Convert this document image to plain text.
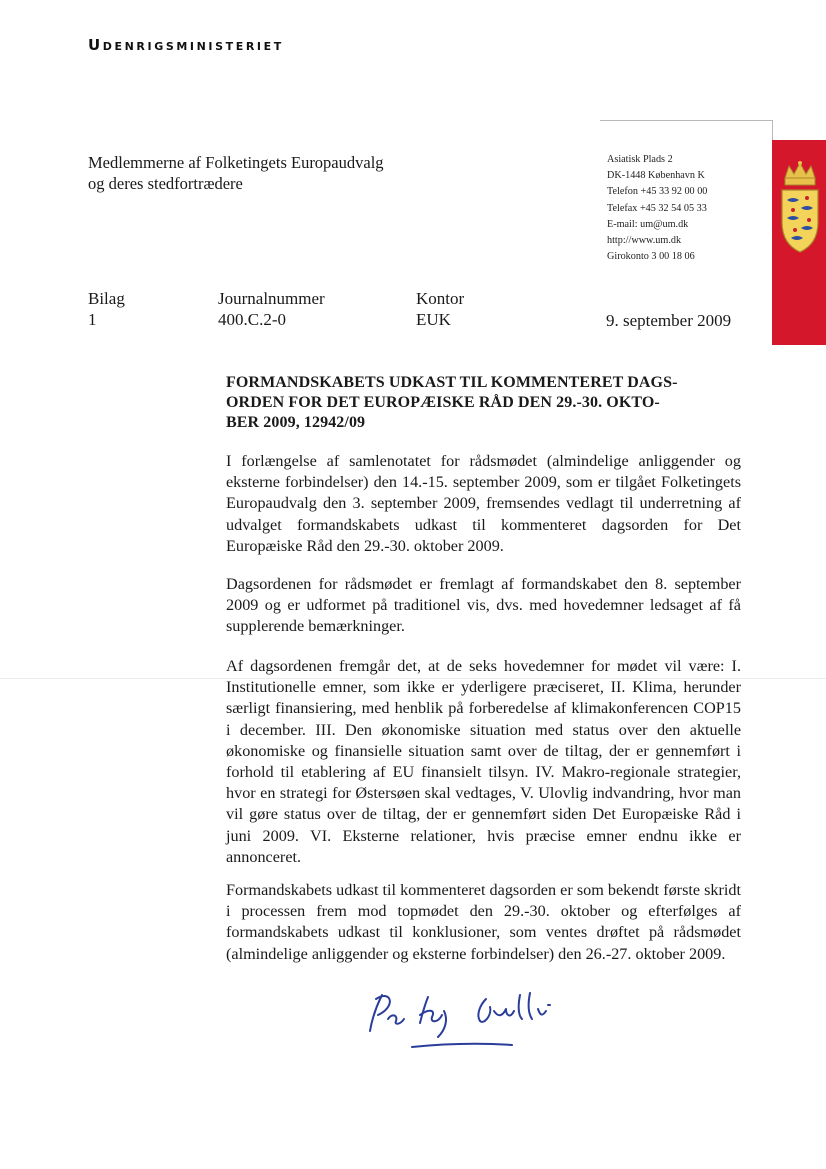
Udenrigsministeriet
Medlemmerne af Folketingets Europaudvalg
og deres stedfortrædere
Asiatisk Plads 2
DK-1448 København K
Telefon +45 33 92 00 00
Telefax +45 32 54 05 33
E-mail: um@um.dk
http://www.um.dk
Girokonto 3 00 18 06
Bilag
1
Journalnummer
400.C.2-0
Kontor
EUK	9. september 2009
FORMANDSKABETS UDKAST TIL KOMMENTERET DAGS-
ORDEN FOR DET EUROPÆISKE RÅD DEN 29.-30. OKTO-
BER 2009, 12942/09
I forlængelse af samlenotatet for rådsmødet (almindelige anliggender og eksterne forbindelser) den 14.-15. september 2009, som er tilgået Folketingets Europaudvalg den 3. september 2009, fremsendes vedlagt til underretning af udvalget formandskabets udkast til kommenteret dagsorden for Det Europæiske Råd den 29.-30. oktober 2009.
Dagsordenen for rådsmødet er fremlagt af formandskabet den 8. september 2009 og er udformet på traditionel vis, dvs. med hovedemner ledsaget af få supplerende bemærkninger.
Af dagsordenen fremgår det, at de seks hovedemner for mødet vil være: I. Institutionelle emner, som ikke er yderligere præciseret, II. Klima, herunder særligt finansiering, med henblik på forberedelse af klimakonferencen COP15 i december. III. Den økonomiske situation med status over den aktuelle økonomiske og finansielle situation samt over de tiltag, der er gennemført i forhold til etablering af EU finansielt tilsyn. IV. Makro-regionale strategier, hvor en strategi for Østersøen skal vedtages, V. Ulovlig indvandring, hvor man vil gøre status over de tiltag, der er gennemført siden Det Europæiske Råd i juni 2009. VI. Eksterne relationer, hvis præcise emner endnu ikke er annonceret.
Formandskabets udkast til kommenteret dagsorden er som bekendt første skridt i processen frem mod topmødet den 29.-30. oktober og efterfølges af formandskabets udkast til konklusioner, som ventes drøftet på rådsmødet (almindelige anliggender og eksterne forbindelser) den 26.-27. oktober 2009.
